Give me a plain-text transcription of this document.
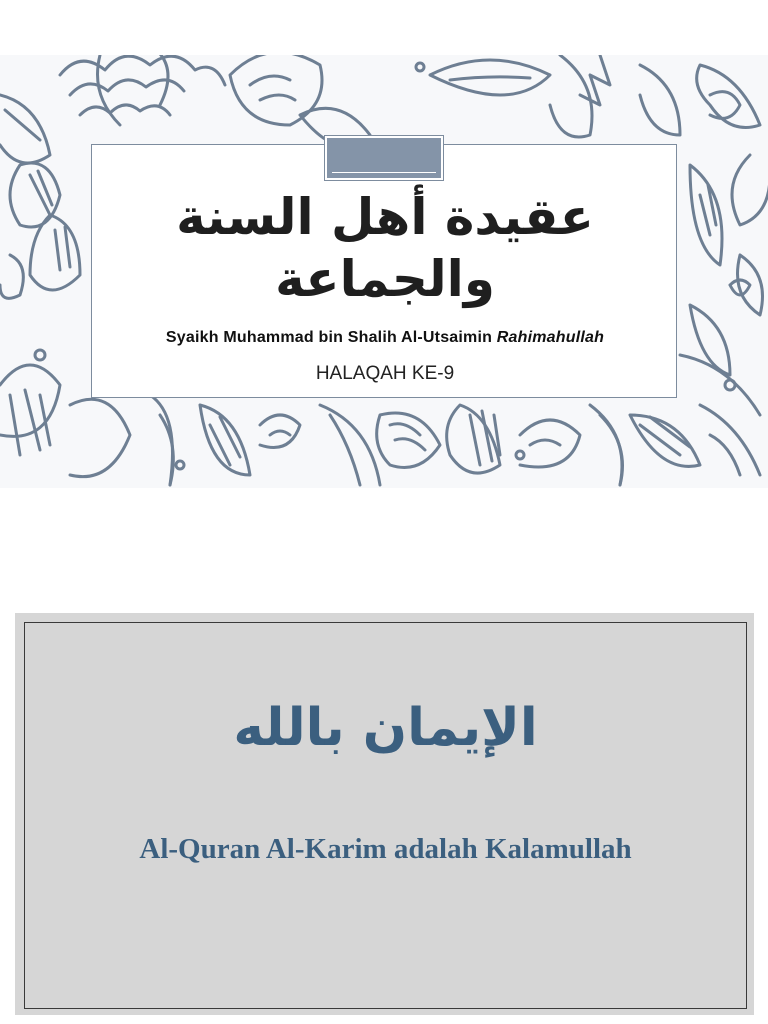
عقيدة أهل السنة
والجماعة
Syaikh Muhammad bin Shalih Al-Utsaimin Rahimahullah
HALAQAH KE-9
الإيمان بالله
Al-Quran Al-Karim adalah Kalamullah
